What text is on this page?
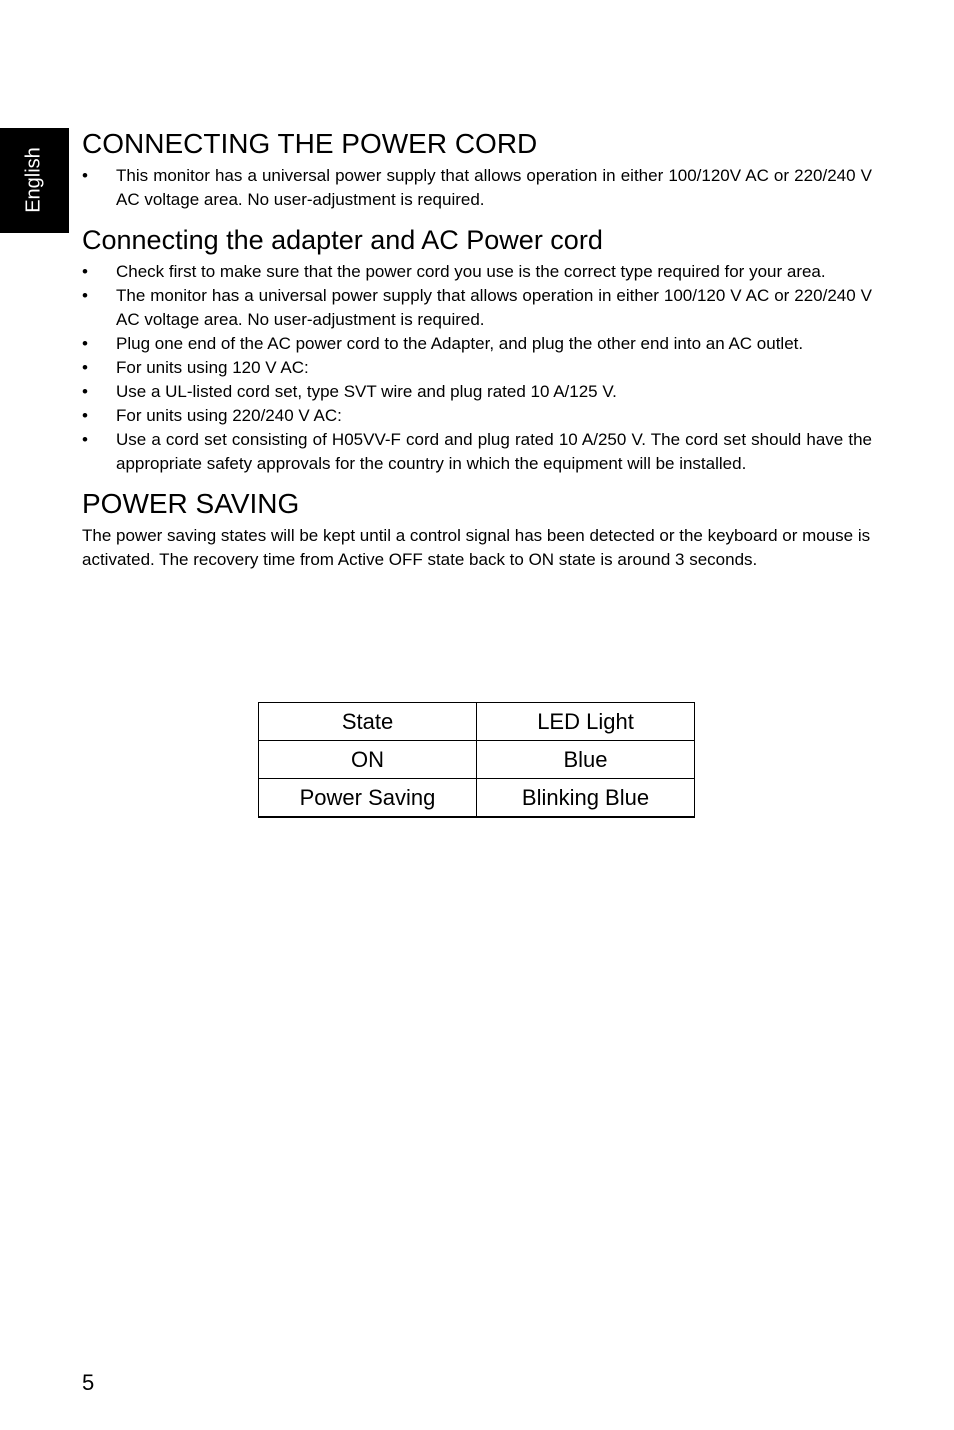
English
CONNECTING THE POWER CORD
• This monitor has a universal power supply that allows operation in either 100/120V AC or 220/240 V AC voltage area. No user-adjustment is required.
Connecting the adapter and AC Power cord
• Check first to make sure that the power cord you use is the correct type required for your area.
• The monitor has a universal power supply that allows operation in either 100/120 V AC or 220/240 V AC voltage area. No user-adjustment is required.
• Plug one end of the AC power cord to the Adapter, and plug the other end into an AC outlet.
• For units using 120 V AC:
• Use a UL-listed cord set, type SVT wire and plug rated 10 A/125 V.
• For units using 220/240 V AC:
• Use a cord set consisting of H05VV-F cord and plug rated 10 A/250 V. The cord set should have the appropriate safety approvals for the country in which the equipment will be installed.
POWER SAVING

The power saving states will be kept until a control signal has been detected or the keyboard or mouse is activated. The recovery time from Active OFF state back to ON state is around 3 seconds.

State	LED Light
ON	Blue
Power Saving	Blinking Blue
5
